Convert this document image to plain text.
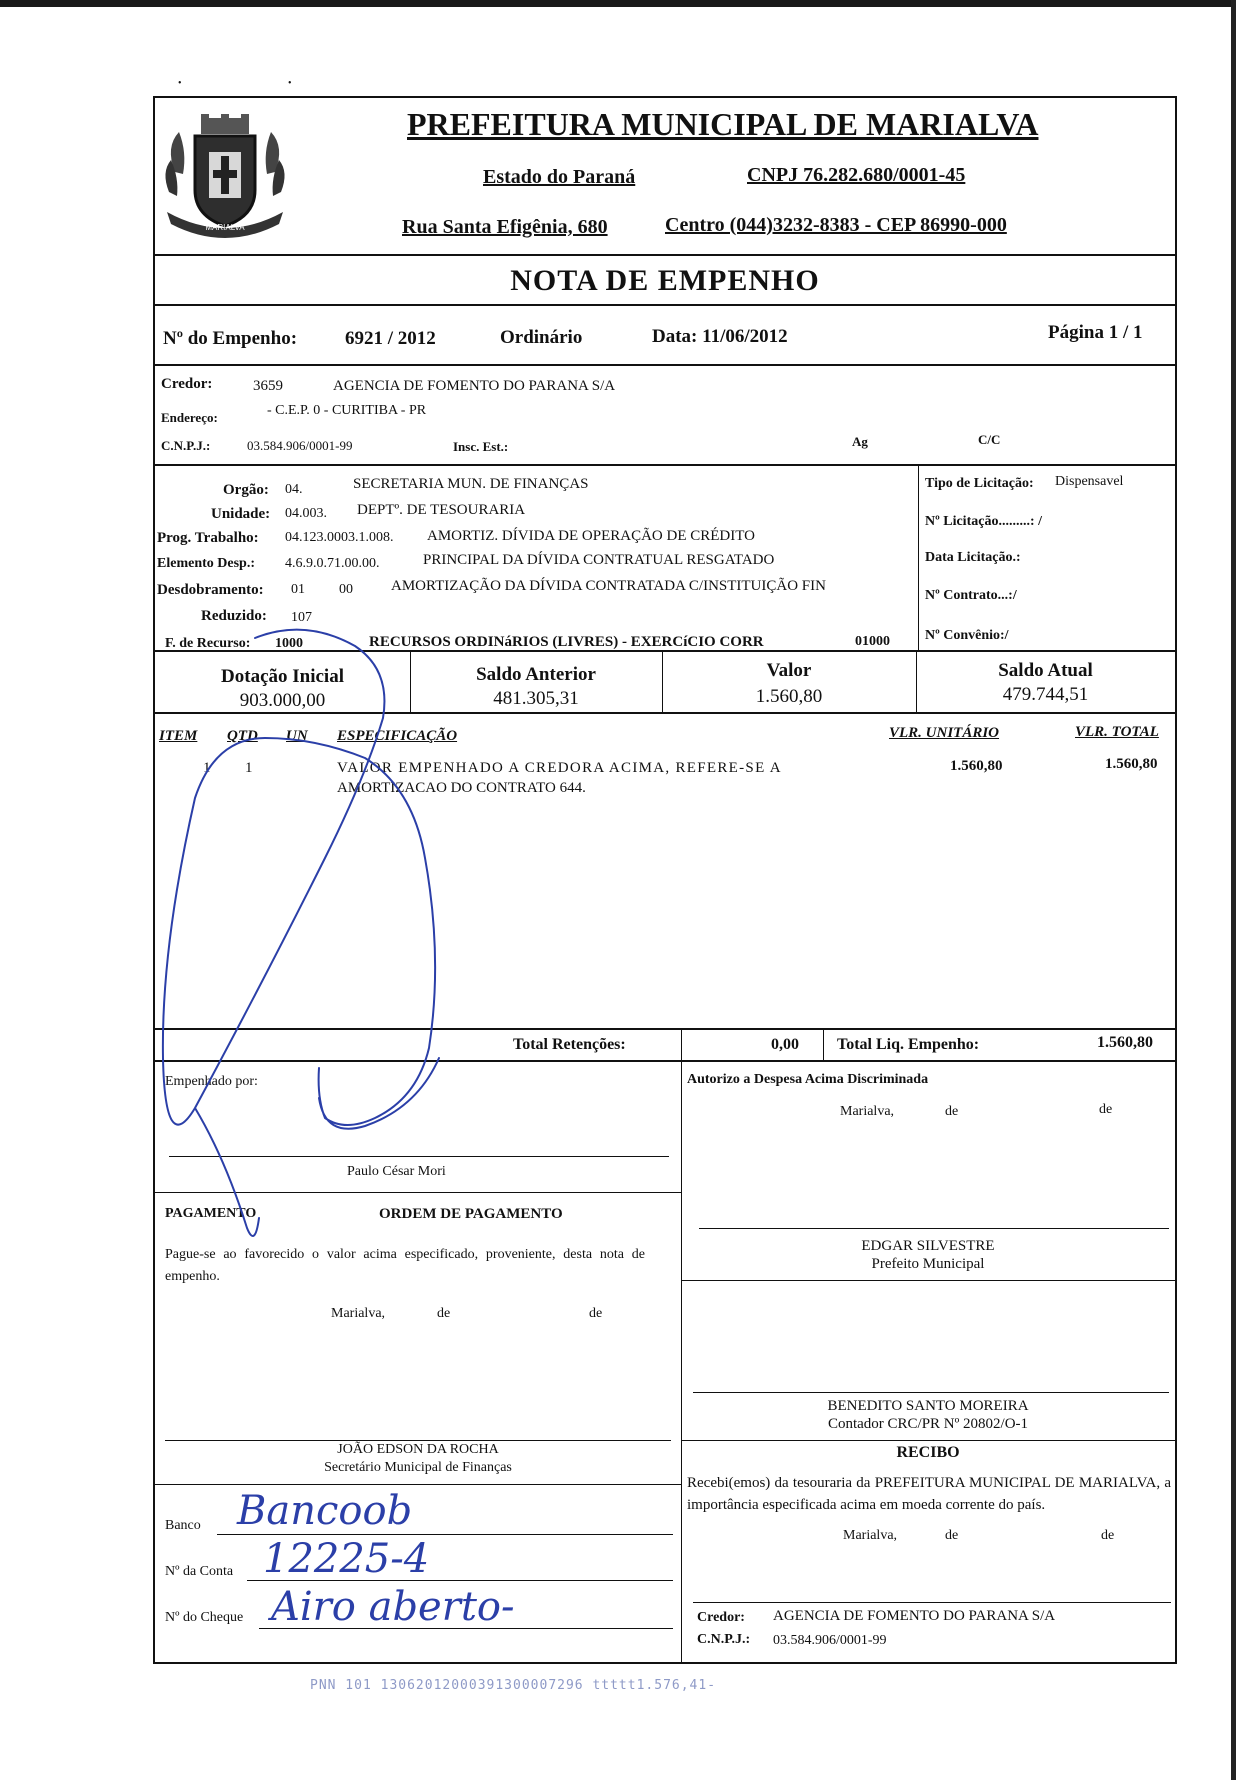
• •
MARIALVA
PREFEITURA MUNICIPAL DE MARIALVA
Estado do Paraná	CNPJ 76.282.680/0001-45
Rua Santa Efigênia, 680	Centro (044)3232-8383 - CEP 86990-000
NOTA DE EMPENHO
Nº do Empenho:	6921 / 2012	Ordinário	Data: 11/06/2012	Página 1 / 1
Credor:	3659	AGENCIA DE FOMENTO DO PARANA S/A
Endereço:	- C.E.P. 0 - CURITIBA - PR
C.N.P.J.:	03.584.906/0001-99	Insc. Est.:	Ag	C/C
Orgão: 04.	SECRETARIA MUN. DE FINANÇAS
Unidade: 04.003. DEPTº. DE TESOURARIA
Prog. Trabalho: 04.123.0003.1.008. AMORTIZ. DÍVIDA DE OPERAÇÃO DE CRÉDITO
Elemento Desp.: 4.6.9.0.71.00.00.	PRINCIPAL DA DÍVIDA CONTRATUAL RESGATADO
Desdobramento: 01 00	AMORTIZAÇÃO DA DÍVIDA CONTRATADA C/INSTITUIÇÃO FIN
Reduzido: 107
F. de Recurso: 1000	RECURSOS ORDINáRIOS (LIVRES) - EXERCíCIO CORR	01000
Tipo de Licitação: Dispensavel
Nº Licitação.........: /
Data Licitação.:
Nº Contrato...:/
Nº Convênio:/
Dotação Inicial
903.000,00
Saldo Anterior
481.305,31
Valor
1.560,80
Saldo Atual
479.744,51
ITEM QTD UN ESPECIFICAÇÃO	VLR. UNITÁRIO	VLR. TOTAL
1 1	VALOR EMPENHADO A CREDORA ACIMA, REFERE-SE A
AMORTIZACAO DO CONTRATO 644.
1.560,80	1.560,80
Total Retenções:	0,00 Total Liq. Empenho:	1.560,80
Empenhado por:
Paulo César Mori
PAGAMENTO	ORDEM DE PAGAMENTO
Pague-se ao favorecido o valor acima especificado, proveniente, desta nota de empenho.
Marialva,	de	de
JOÃO EDSON DA ROCHA
Secretário Municipal de Finanças
Banco Bancoob
Nº da Conta 12225-4
Nº do Cheque Airo aberto-
Autorizo a Despesa Acima Discriminada
Marialva,	de	de
EDGAR SILVESTRE
Prefeito Municipal
BENEDITO SANTO MOREIRA
Contador CRC/PR Nº 20802/O-1
RECIBO
Recebi(emos) da tesouraria da PREFEITURA MUNICIPAL DE MARIALVA, a importância especificada acima em moeda corrente do país.
Marialva,	de	de
Credor: AGENCIA DE FOMENTO DO PARANA S/A
C.N.P.J.: 03.584.906/0001-99
PNN 101 13062012000391300007296 ttttt1.576,41-
